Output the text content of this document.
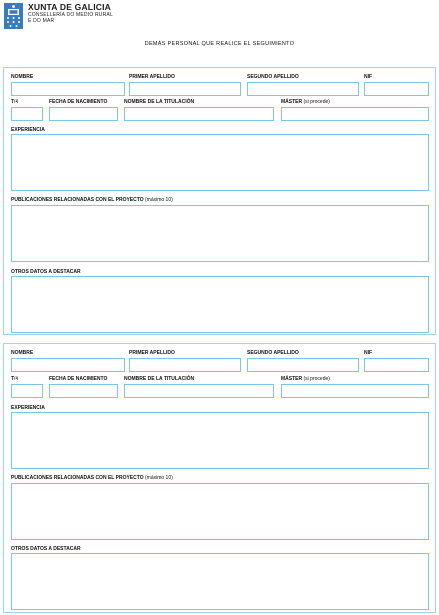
XUNTA DE GALICIA
CONSELLERÍA DO MEDIO RURAL
E DO MAR
DEMÁS PERSONAL QUE REALICE EL SEGUIMIENTO
NOMBRE	PRIMER APELLIDO	SEGUNDO APELLIDO	NIF
$T^{(1)}$	FECHA DE NACIMIENTO	NOMBRE DE LA TITULACIÓN	MÁSTER (si procede)
EXPERIENCIA
PUBLICACIONES RELACIONADAS CON EL PROYECTO (máximo 10)
OTROS DATOS A DESTACAR
NOMBRE	PRIMER APELLIDO	SEGUNDO APELLIDO	NIF
$T^{(1)}$	FECHA DE NACIMIENTO	NOMBRE DE LA TITULACIÓN	MÁSTER (si procede)
EXPERIENCIA
PUBLICACIONES RELACIONADAS CON EL PROYECTO (máximo 10)
OTROS DATOS A DESTACAR
